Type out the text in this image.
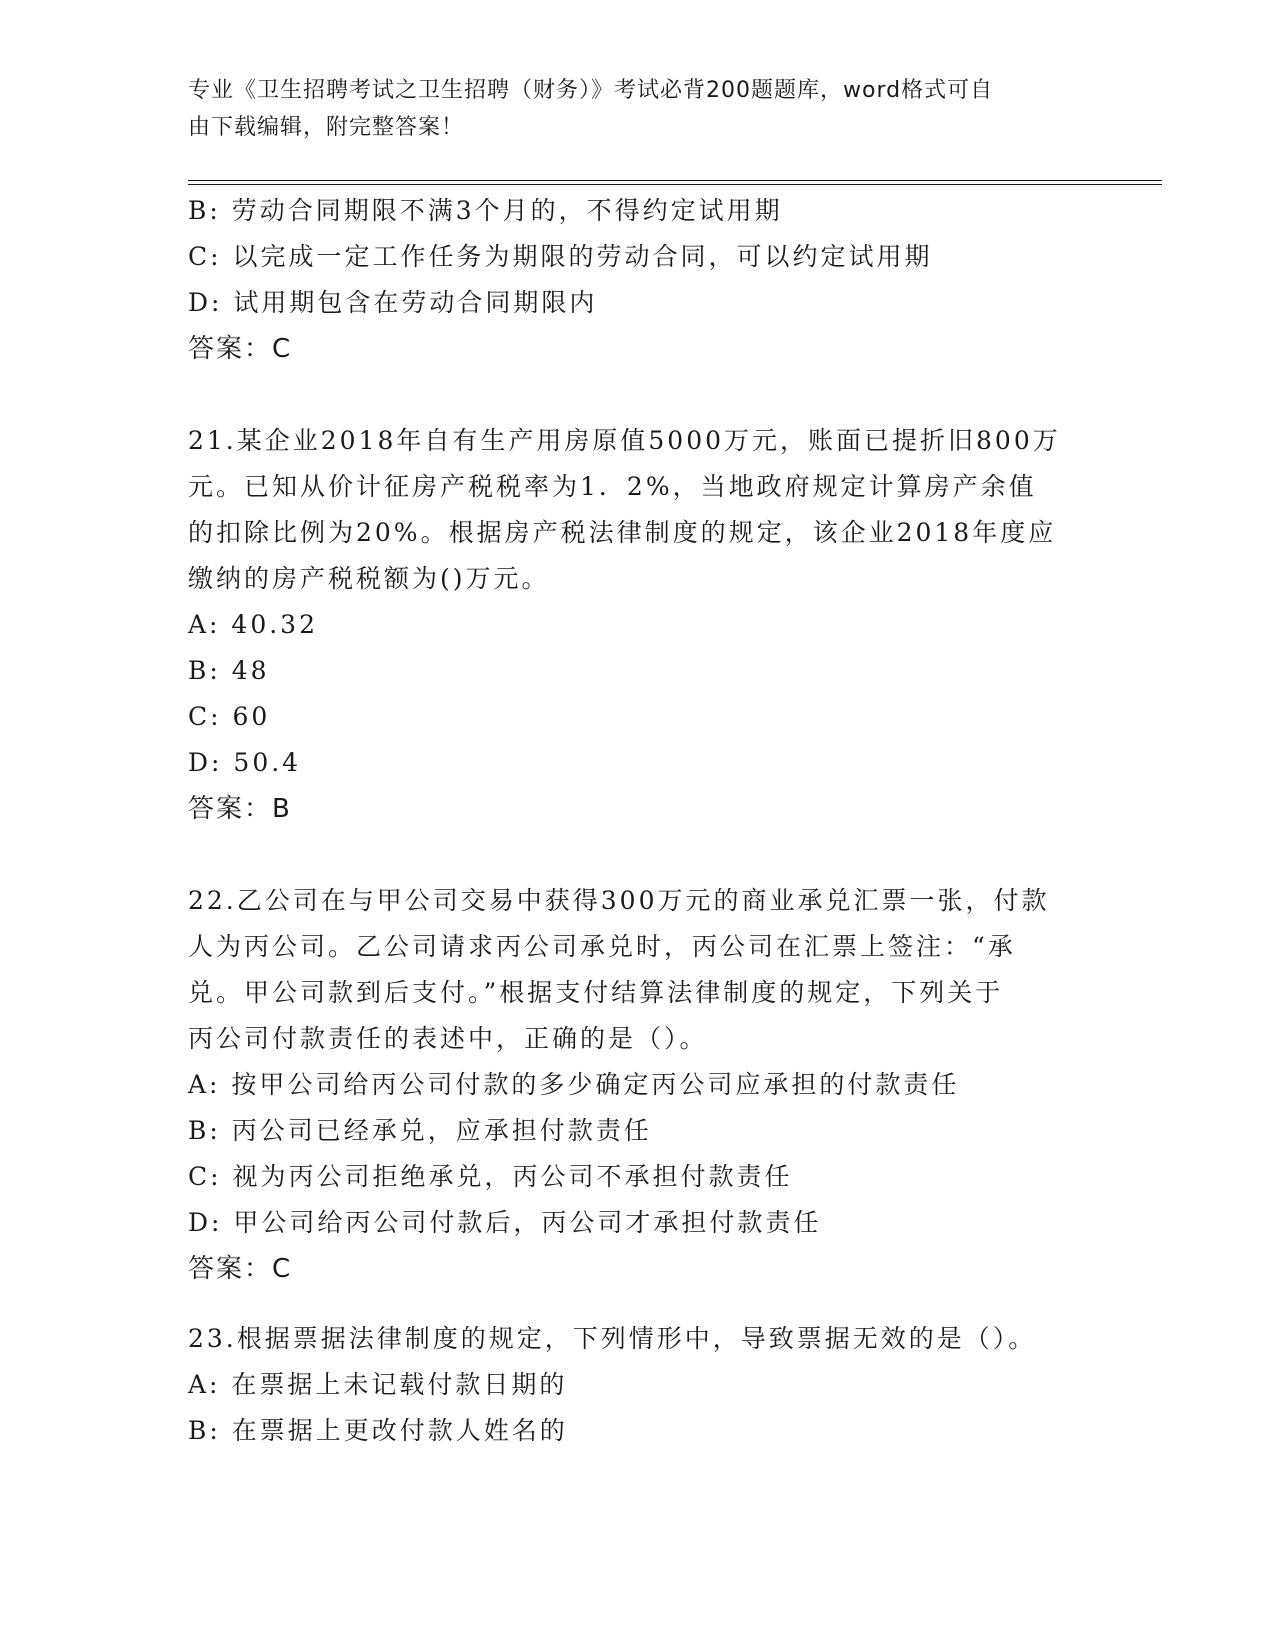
专业《卫生招聘考试之卫生招聘（财务）》考试必背200题题库，word格式可自
由下载编辑，附完整答案！
B: 劳动合同期限不满3个月的，不得约定试用期
C: 以完成一定工作任务为期限的劳动合同，可以约定试用期
D: 试用期包含在劳动合同期限内
答案：C
21.某企业2018年自有生产用房原值5000万元，账面已提折旧800万
元。已知从价计征房产税税率为1．2%，当地政府规定计算房产余值
的扣除比例为20%。根据房产税法律制度的规定，该企业2018年度应
缴纳的房产税税额为()万元。
A: 40.32
B: 48
C: 60
D: 50.4
答案：B
22.乙公司在与甲公司交易中获得300万元的商业承兑汇票一张，付款
人为丙公司。乙公司请求丙公司承兑时，丙公司在汇票上签注：“承
兑。甲公司款到后支付。”根据支付结算法律制度的规定，下列关于
丙公司付款责任的表述中，正确的是（）。
A: 按甲公司给丙公司付款的多少确定丙公司应承担的付款责任
B: 丙公司已经承兑，应承担付款责任
C: 视为丙公司拒绝承兑，丙公司不承担付款责任
D: 甲公司给丙公司付款后，丙公司才承担付款责任
答案：C
23.根据票据法律制度的规定，下列情形中，导致票据无效的是（）。
A: 在票据上未记载付款日期的
B: 在票据上更改付款人姓名的
